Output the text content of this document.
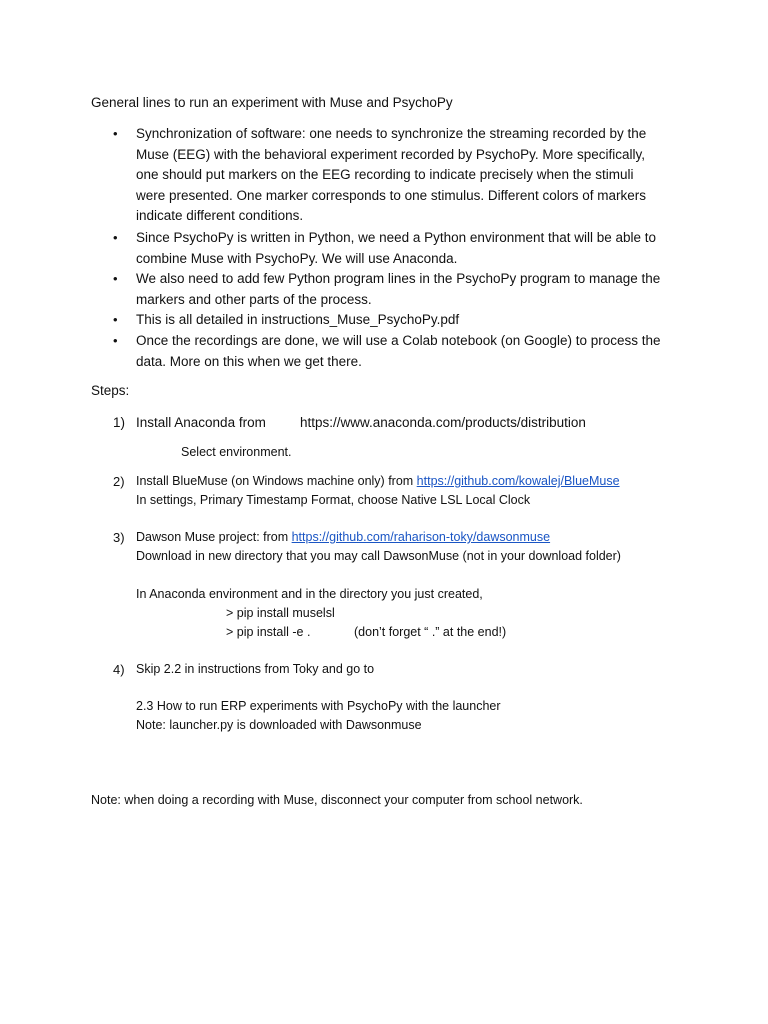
General lines to run an experiment with Muse and PsychoPy
• Synchronization of software: one needs to synchronize the streaming recorded by the
Muse (EEG) with the behavioral experiment recorded by PsychoPy. More specifically,
one should put markers on the EEG recording to indicate precisely when the stimuli
were presented. One marker corresponds to one stimulus. Different colors of markers
indicate different conditions.
• Since PsychoPy is written in Python, we need a Python environment that will be able to
combine Muse with PsychoPy. We will use Anaconda.
• We also need to add few Python program lines in the PsychoPy program to manage the
markers and other parts of the process.
• This is all detailed in instructions_Muse_PsychoPy.pdf
• Once the recordings are done, we will use a Colab notebook (on Google) to process the
data. More on this when we get there.
Steps:
1) Install Anaconda from	https://www.anaconda.com/products/distribution
Select environment.
2) Install BlueMuse (on Windows machine only) from https://github.com/kowalej/BlueMuse
In settings, Primary Timestamp Format, choose Native LSL Local Clock
3) Dawson Muse project: from https://github.com/raharison-toky/dawsonmuse
Download in new directory that you may call DawsonMuse (not in your download folder)
In Anaconda environment and in the directory you just created,
> pip install muselsl
> pip install -e .	(don’t forget “ .” at the end!)
4) Skip 2.2 in instructions from Toky and go to
2.3 How to run ERP experiments with PsychoPy with the launcher
Note: launcher.py is downloaded with Dawsonmuse
Note: when doing a recording with Muse, disconnect your computer from school network.
